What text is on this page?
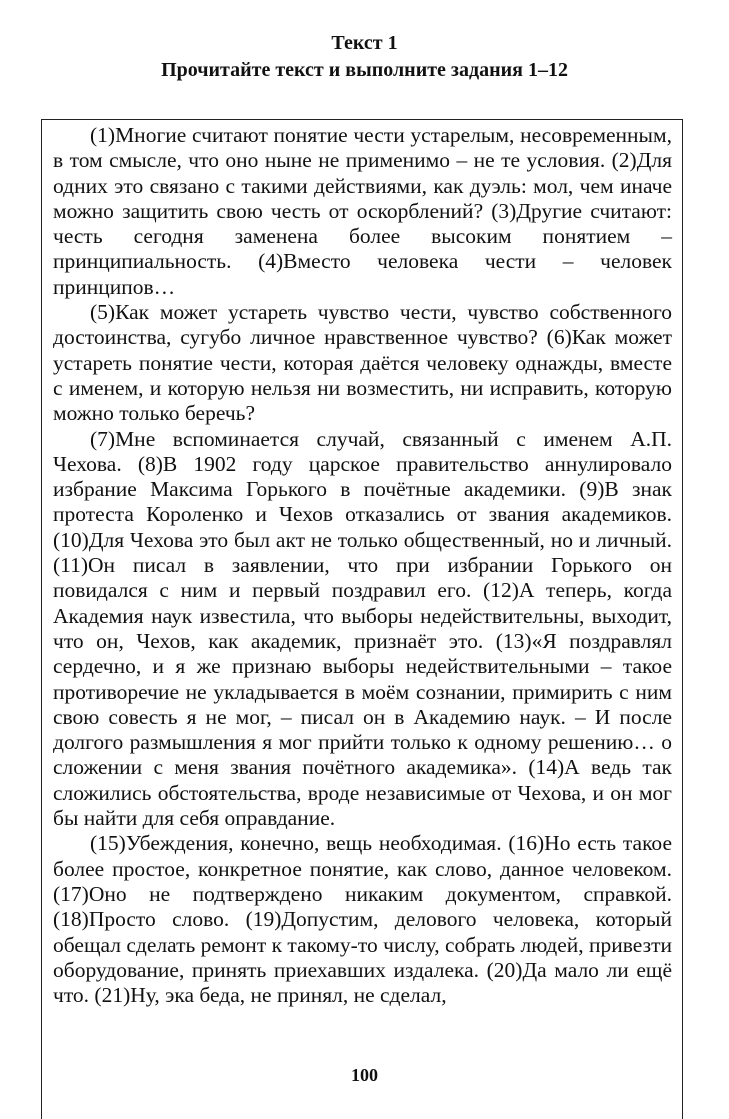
Текст 1
Прочитайте текст и выполните задания 1–12

(1)Многие считают понятие чести устарелым, несовременным, в том смысле, что оно ныне не применимо – не те условия. (2)Для одних это связано с такими действиями, как дуэль: мол, чем иначе можно защитить свою честь от оскорблений? (3)Другие считают: честь сегодня заменена более высоким понятием – принципиальность. (4)Вместо человека чести – человек принципов…

(5)Как может устареть чувство чести, чувство собственного достоинства, сугубо личное нравственное чувство? (6)Как может устареть понятие чести, которая даётся человеку однажды, вместе с именем, и которую нельзя ни возместить, ни исправить, которую можно только беречь?

(7)Мне вспоминается случай, связанный с именем А.П. Чехова. (8)В 1902 году царское правительство аннулировало избрание Максима Горького в почётные академики. (9)В знак протеста Короленко и Чехов отказались от звания академиков. (10)Для Чехова это был акт не только общественный, но и личный. (11)Он писал в заявлении, что при избрании Горького он повидался с ним и первый поздравил его. (12)А теперь, когда Академия наук известила, что выборы недействительны, выходит, что он, Чехов, как академик, признаёт это. (13)«Я поздравлял сердечно, и я же признаю выборы недействительными – такое противоречие не укладывается в моём сознании, примирить с ним свою совесть я не мог, – писал он в Академию наук. – И после долгого размышления я мог прийти только к одному решению… о сложении с меня звания почётного академика». (14)А ведь так сложились обстоятельства, вроде независимые от Чехова, и он мог бы найти для себя оправдание.

(15)Убеждения, конечно, вещь необходимая. (16)Но есть такое более простое, конкретное понятие, как слово, данное человеком. (17)Оно не подтверждено никаким документом, справкой. (18)Просто слово. (19)Допустим, делового человека, который обещал сделать ремонт к такому-то числу, собрать людей, привезти оборудование, принять приехавших издалека. (20)Да мало ли ещё что. (21)Ну, эка беда, не принял, не сделал,

100
